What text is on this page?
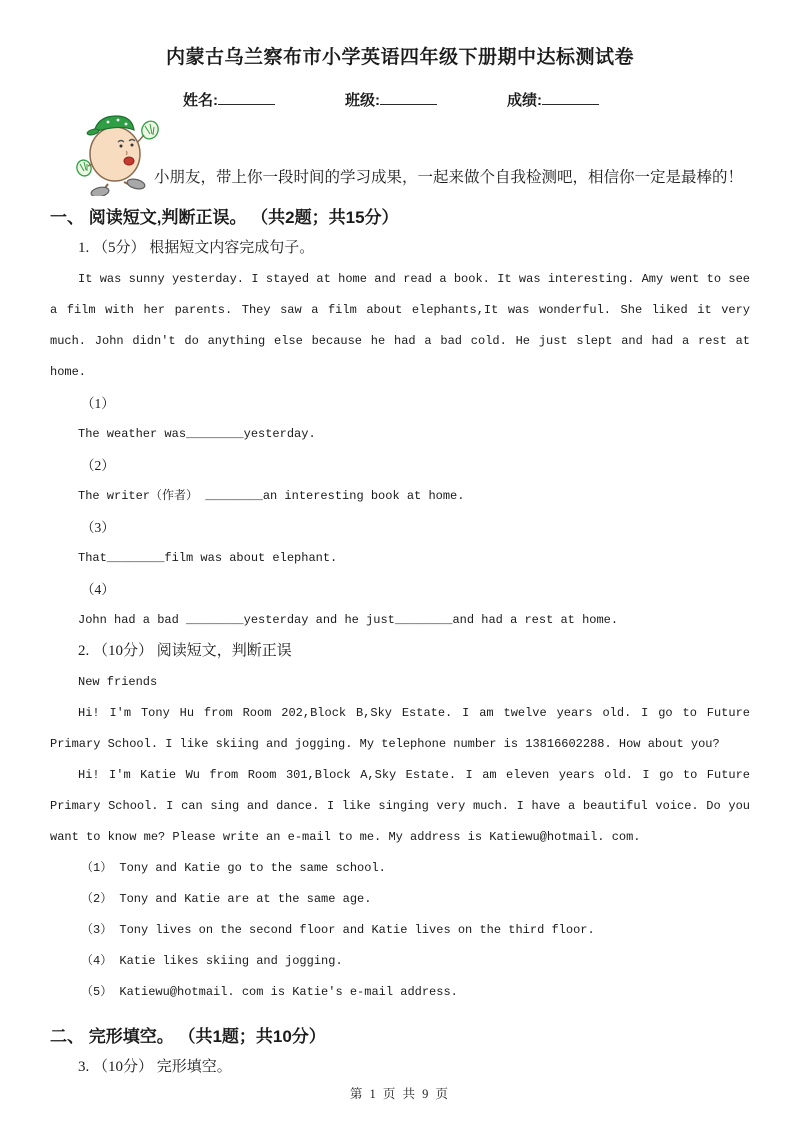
内蒙古乌兰察布市小学英语四年级下册期中达标测试卷
姓名:	班级:	成绩:
小朋友，带上你一段时间的学习成果，一起来做个自我检测吧，相信你一定是最棒的！
一、 阅读短文,判断正误。 （共2题；共15分）
1. （5分） 根据短文内容完成句子。
It was sunny yesterday. I stayed at home and read a book. It was interesting. Amy went to see a film with her parents. They saw a film about elephants,It was wonderful. She liked it very much. John didn't do anything else because he had a bad cold. He just slept and had a rest at home.
（1）
The weather was________yesterday.
（2）
The writer（作者） ________an interesting book at home.
（3）
That________film was about elephant.
（4）
John had a bad ________yesterday and he just________and had a rest at home.
2. （10分） 阅读短文，判断正误
New friends
Hi! I'm Tony Hu from Room 202,Block B,Sky Estate. I am twelve years old. I go to Future Primary School. I like skiing and jogging. My telephone number is 13816602288. How about you?
Hi! I'm Katie Wu from Room 301,Block A,Sky Estate. I am eleven years old. I go to Future Primary School. I can sing and dance. I like singing very much. I have a beautiful voice. Do you want to know me? Please write an e-mail to me. My address is Katiewu@hotmail. com.
（1） Tony and Katie go to the same school.
（2） Tony and Katie are at the same age.
（3） Tony lives on the second floor and Katie lives on the third floor.
（4） Katie likes skiing and jogging.
（5） Katiewu@hotmail. com is Katie's e-mail address.
二、 完形填空。 （共1题；共10分）
3. （10分） 完形填空。
第 1 页 共 9 页
